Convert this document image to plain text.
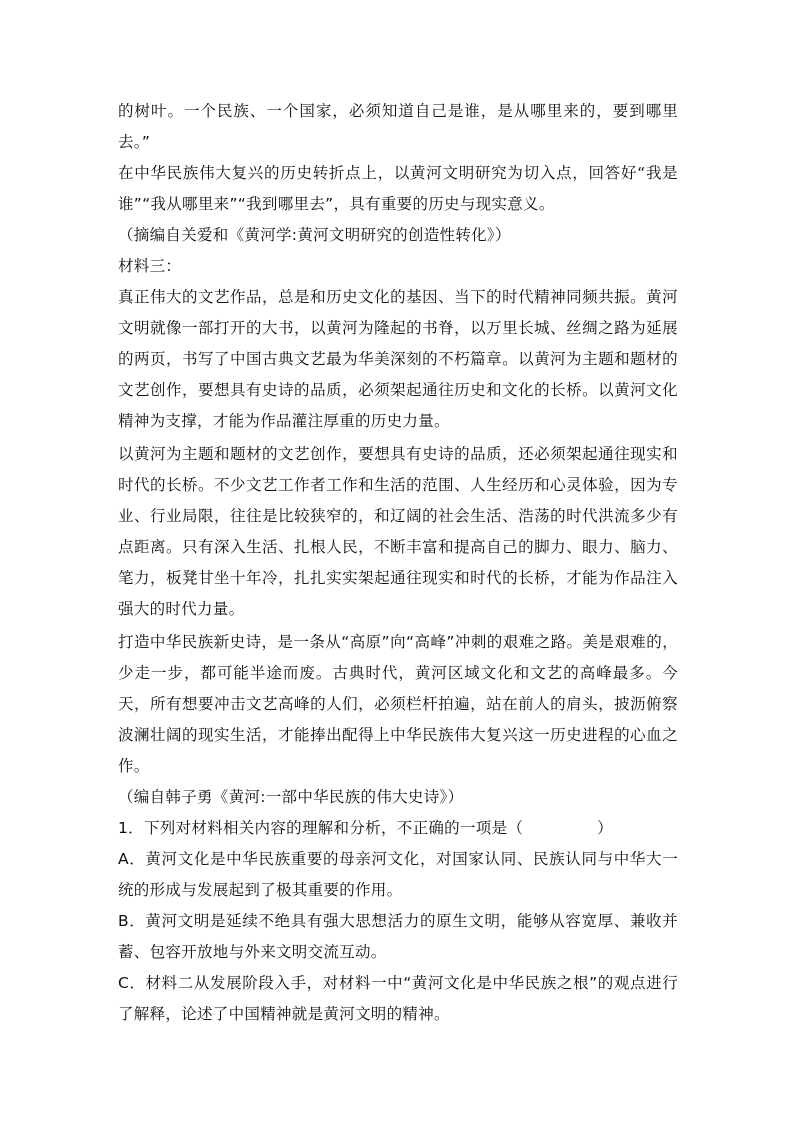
的树叶。一个民族、一个国家，必须知道自己是谁，是从哪里来的，要到哪里去。”

在中华民族伟大复兴的历史转折点上，以黄河文明研究为切入点，回答好“我是谁”“我从哪里来”“我到哪里去”，具有重要的历史与现实意义。

（摘编自关爱和《黄河学:黄河文明研究的创造性转化》）

材料三：

真正伟大的文艺作品，总是和历史文化的基因、当下的时代精神同频共振。黄河文明就像一部打开的大书，以黄河为隆起的书脊，以万里长城、丝绸之路为延展的两页，书写了中国古典文艺最为华美深刻的不朽篇章。以黄河为主题和题材的文艺创作，要想具有史诗的品质，必须架起通往历史和文化的长桥。以黄河文化精神为支撑，才能为作品灌注厚重的历史力量。

以黄河为主题和题材的文艺创作，要想具有史诗的品质，还必须架起通往现实和时代的长桥。不少文艺工作者工作和生活的范围、人生经历和心灵体验，因为专业、行业局限，往往是比较狭窄的，和辽阔的社会生活、浩荡的时代洪流多少有点距离。只有深入生活、扎根人民，不断丰富和提高自己的脚力、眼力、脑力、笔力，板凳甘坐十年冷，扎扎实实架起通往现实和时代的长桥，才能为作品注入强大的时代力量。

打造中华民族新史诗，是一条从“高原”向“高峰”冲刺的艰难之路。美是艰难的，少走一步，都可能半途而废。古典时代，黄河区域文化和文艺的高峰最多。今天，所有想要冲击文艺高峰的人们，必须栏杆拍遍，站在前人的肩头，披沥俯察波澜壮阔的现实生活，才能捧出配得上中华民族伟大复兴这一历史进程的心血之作。

（编自韩子勇《黄河:一部中华民族的伟大史诗》）

1．下列对材料相关内容的理解和分析，不正确的一项是（	）

A．黄河文化是中华民族重要的母亲河文化，对国家认同、民族认同与中华大一统的形成与发展起到了极其重要的作用。

B．黄河文明是延续不绝具有强大思想活力的原生文明，能够从容宽厚、兼收并蓄、包容开放地与外来文明交流互动。

C．材料二从发展阶段入手，对材料一中“黄河文化是中华民族之根”的观点进行了解释，论述了中国精神就是黄河文明的精神。
